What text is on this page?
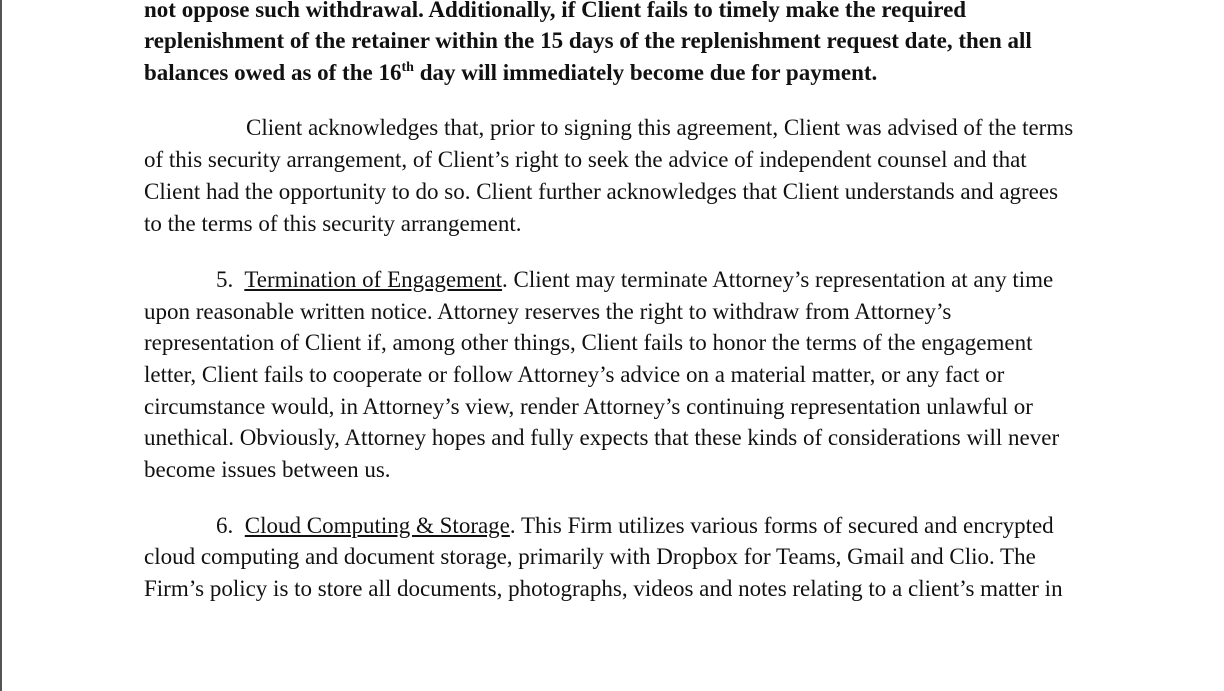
not oppose such withdrawal. Additionally, if Client fails to timely make the required
replenishment of the retainer within the 15 days of the replenishment request date, then all
balances owed as of the 16th day will immediately become due for payment.
Client acknowledges that, prior to signing this agreement, Client was advised of the terms
of this security arrangement, of Client’s right to seek the advice of independent counsel and that
Client had the opportunity to do so. Client further acknowledges that Client understands and agrees
to the terms of this security arrangement.
5. Termination of Engagement. Client may terminate Attorney’s representation at any time
upon reasonable written notice. Attorney reserves the right to withdraw from Attorney’s
representation of Client if, among other things, Client fails to honor the terms of the engagement
letter, Client fails to cooperate or follow Attorney’s advice on a material matter, or any fact or
circumstance would, in Attorney’s view, render Attorney’s continuing representation unlawful or
unethical. Obviously, Attorney hopes and fully expects that these kinds of considerations will never
become issues between us.
6. Cloud Computing & Storage. This Firm utilizes various forms of secured and encrypted
cloud computing and document storage, primarily with Dropbox for Teams, Gmail and Clio. The
Firm’s policy is to store all documents, photographs, videos and notes relating to a client’s matter in
